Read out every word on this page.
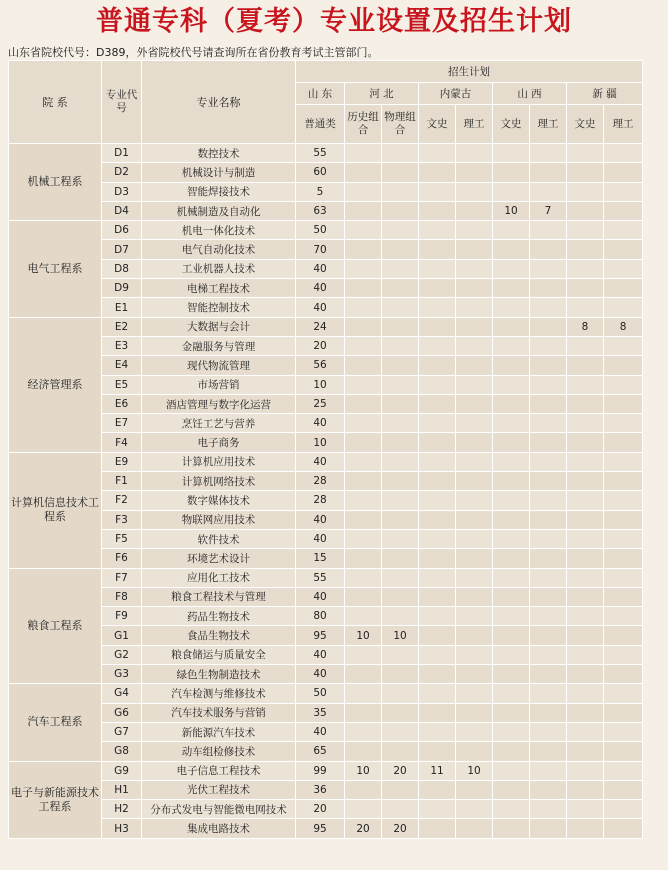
普通专科（夏考）专业设置及招生计划
山东省院校代号：D389，外省院校代号请查询所在省份教育考试主管部门。
院 系	专业代号	专业名称	招生计划								
			山 东	河 北		内蒙古		山 西		新 疆	
			普通类	历史组合	物理组合	文史	理工	文史	理工	文史	理工
机械工程系	D1	数控技术	55								
	D2	机械设计与制造	60								
	D3	智能焊接技术	5								
	D4	机械制造及自动化	63					10	7		
电气工程系	D6	机电一体化技术	50								
	D7	电气自动化技术	70								
	D8	工业机器人技术	40								
	D9	电梯工程技术	40								
	E1	智能控制技术	40								
经济管理系	E2	大数据与会计	24							8	8
	E3	金融服务与管理	20								
	E4	现代物流管理	56								
	E5	市场营销	10								
	E6	酒店管理与数字化运营	25								
	E7	烹饪工艺与营养	40								
	F4	电子商务	10								
计算机信息技术工程系	E9	计算机应用技术	40								
	F1	计算机网络技术	28								
	F2	数字媒体技术	28								
	F3	物联网应用技术	40								
	F5	软件技术	40								
	F6	环境艺术设计	15								
粮食工程系	F7	应用化工技术	55								
	F8	粮食工程技术与管理	40								
	F9	药品生物技术	80								
	G1	食品生物技术	95	10	10						
	G2	粮食储运与质量安全	40								
	G3	绿色生物制造技术	40								
汽车工程系	G4	汽车检测与维修技术	50								
	G6	汽车技术服务与营销	35								
	G7	新能源汽车技术	40								
	G8	动车组检修技术	65								
电子与新能源技术工程系	G9	电子信息工程技术	99	10	20	11	10				
	H1	光伏工程技术	36								
	H2	分布式发电与智能微电网技术	20								
	H3	集成电路技术	95	20	20						
